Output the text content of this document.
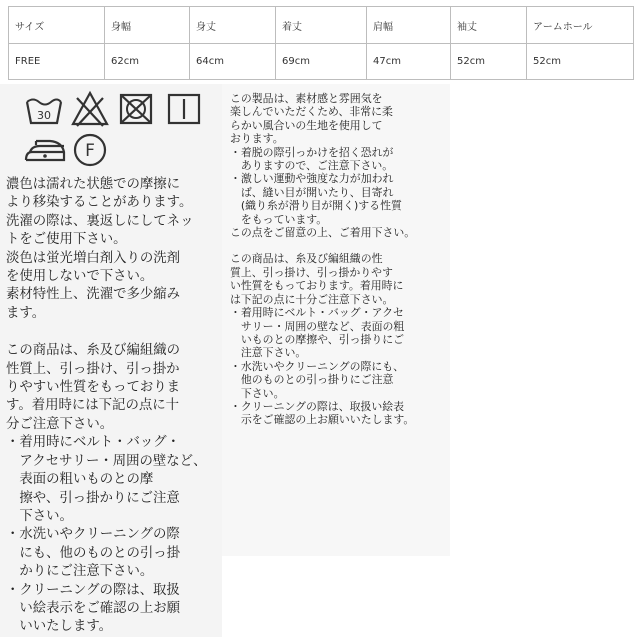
サイズ	身幅	身丈	着丈	肩幅	袖丈	アームホール
FREE	62cm	64cm	69cm	47cm	52cm	52cm
30
F

濃色は濡れた状態での摩擦に
より移染することがあります。

洗濯の際は、裏返しにしてネッ
トをご使用下さい。

淡色は蛍光増白剤入りの洗剤
を使用しないで下さい。

素材特性上、洗濯で多少縮み
ます。

この商品は、糸及び編組織の
性質上、引っ掛け、引っ掛か
りやすい性質をもっておりま
す。着用時には下記の点に十
分ご注意下さい。

・着用時にベルト・バッグ・
　アクセサリー・周囲の壁など、
　表面の粗いものとの摩
　擦や、引っ掛かりにご注意
　下さい。

・水洗いやクリーニングの際
　にも、他のものとの引っ掛
　かりにご注意下さい。

・クリーニングの際は、取扱
　い絵表示をご確認の上お願
　いいたします。

この製品は、素材感と雰囲気を
楽しんでいただくため、非常に柔
らかい風合いの生地を使用して
おります。

・着脱の際引っかけを招く恐れが
　ありますので、ご注意下さい。

・激しい運動や強度な力が加われ
　ば、縫い目が開いたり、目寄れ
　(織り糸が滑り目が開く)する性質
　をもっています。

この点をご留意の上、ご着用下さい。

この商品は、糸及び編組織の性
質上、引っ掛け、引っ掛かりやす
い性質をもっております。着用時に
は下記の点に十分ご注意下さい。

・着用時にベルト・バッグ・アクセ
　サリー・周囲の壁など、表面の粗
　いものとの摩擦や、引っ掛りにご
　注意下さい。

・水洗いやクリーニングの際にも、
　他のものとの引っ掛りにご注意
　下さい。

・クリーニングの際は、取扱い絵表
　示をご確認の上お願いいたします。
